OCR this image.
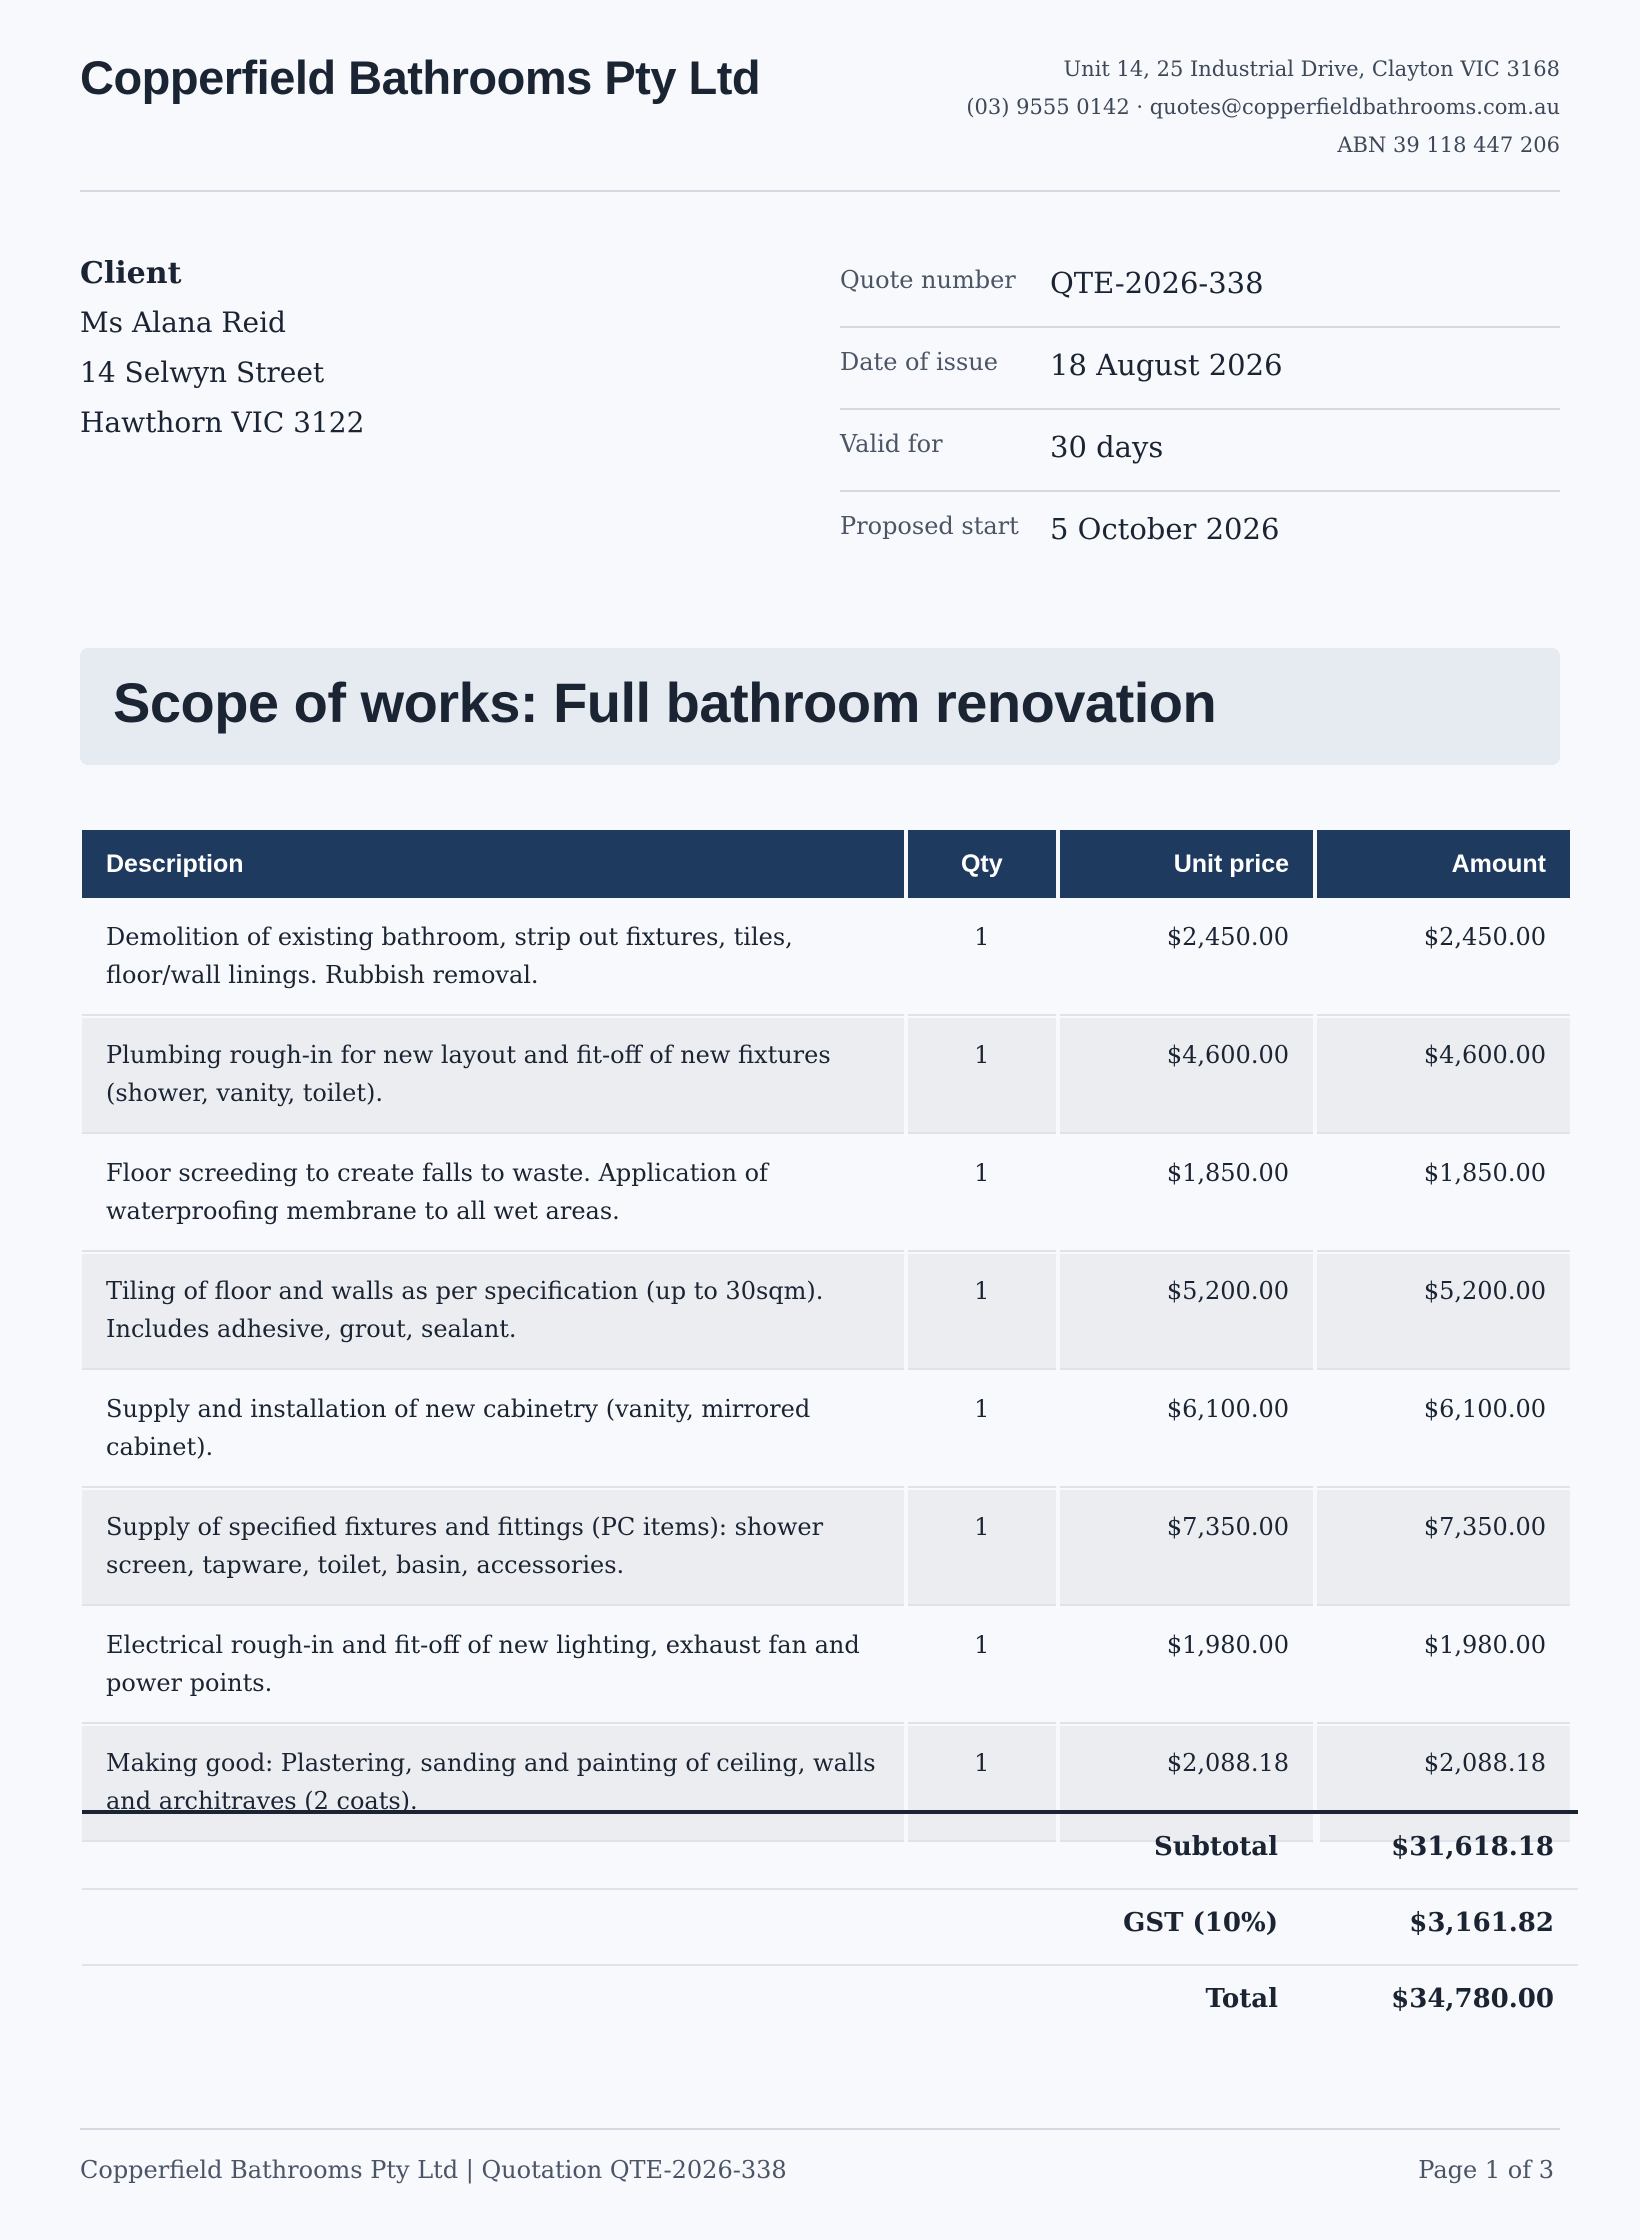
Copperfield Bathrooms Pty Ltd	Unit 14, 25 Industrial Drive, Clayton VIC 3168
(03) 9555 0142 · quotes@copperfieldbathrooms.com.au
ABN 39 118 447 206
Client
Ms Alana Reid
14 Selwyn Street
Hawthorn VIC 3122
Quote number QTE-2026-338
Date of issue 18 August 2026
Valid for	30 days
Proposed start 5 October 2026
Scope of works: Full bathroom renovation
Description	Qty	Unit price	Amount
Demolition of existing bathroom, strip out fixtures, tiles, floor/wall linings. Rubbish removal.	1	$2,450.00	$2,450.00
Plumbing rough-in for new layout and fit-off of new fixtures (shower, vanity, toilet).	1	$4,600.00	$4,600.00
Floor screeding to create falls to waste. Application of waterproofing membrane to all wet areas.	1	$1,850.00	$1,850.00
Tiling of floor and walls as per specification (up to 30sqm). Includes adhesive, grout, sealant.	1	$5,200.00	$5,200.00
Supply and installation of new cabinetry (vanity, mirrored cabinet).	1	$6,100.00	$6,100.00
Supply of specified fixtures and fittings (PC items): shower screen, tapware, toilet, basin, accessories.	1	$7,350.00	$7,350.00
Electrical rough-in and fit-off of new lighting, exhaust fan and power points.	1	$1,980.00	$1,980.00
Making good: Plastering, sanding and painting of ceiling, walls and architraves (2 coats).	1	$2,088.18	$2,088.18
Subtotal	$31,618.18
GST (10%)	$3,161.82
Total	$34,780.00
Copperfield Bathrooms Pty Ltd | Quotation QTE-2026-338	Page 1 of 3
